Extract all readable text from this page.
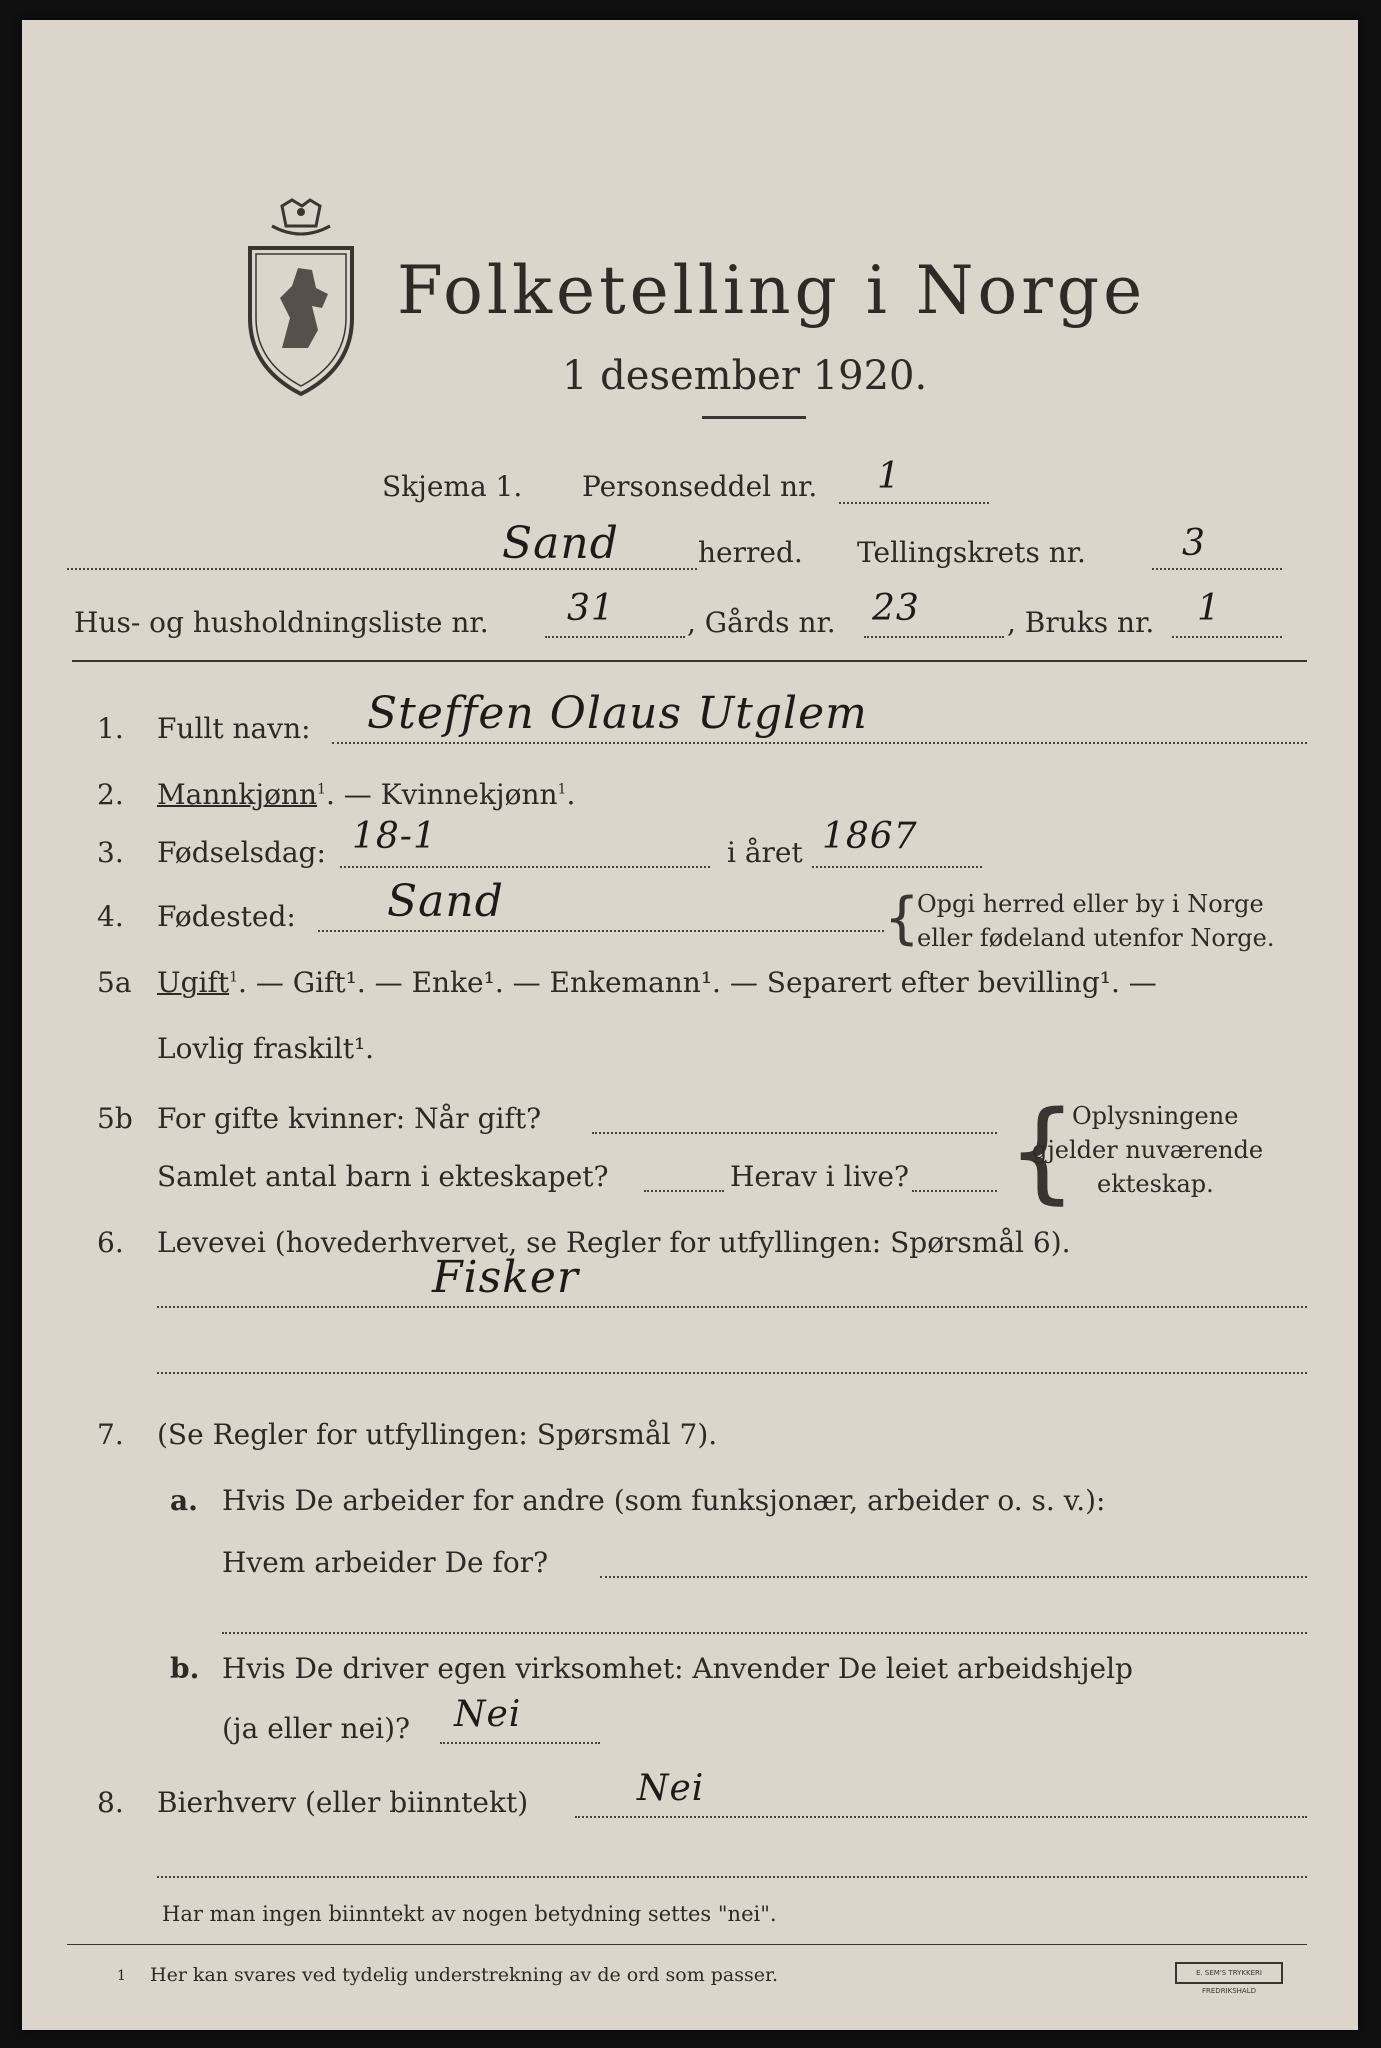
Folketelling i Norge
1 desember 1920.
Skjema 1. Personseddel nr. 1
Sand	herred. Tellingskrets nr.	3
Hus- og husholdningsliste nr. 31	, Gårds nr. 23	, Bruks nr. 1
1. Fullt navn: Steffen Olaus Utglem
2. Mannkjønn$^1$. — Kvinnekjønn$^1$.
3. Fødselsdag: 18-1	i året 1867
4. Fødested: Sand	{
Opgi herred eller by i Norge
eller fødeland utenfor Norge.
5a Ugift$^1$. — Gift¹. — Enke¹. — Enkemann¹. — Separert efter bevilling¹. —
Lovlig fraskilt¹.
5b For gifte kvinner: Når gift?
Samlet antal barn i ekteskapet?	Herav i live? {
Oplysningene
gjelder nuværende
ekteskap.
6. Levevei (hovederhvervet, se Regler for utfyllingen: Spørsmål 6).
Fisker
7. (Se Regler for utfyllingen: Spørsmål 7).
a. Hvis De arbeider for andre (som funksjonær, arbeider o. s. v.):
Hvem arbeider De for?
b. Hvis De driver egen virksomhet: Anvender De leiet arbeidshjelp
(ja eller nei)? Nei
8. Bierhverv (eller biinntekt)	Nei
Har man ingen biinntekt av nogen betydning settes "nei".
1 Her kan svares ved tydelig understrekning av de ord som passer.	E. SEM'S TRYKKERI FREDRIKSHALD
